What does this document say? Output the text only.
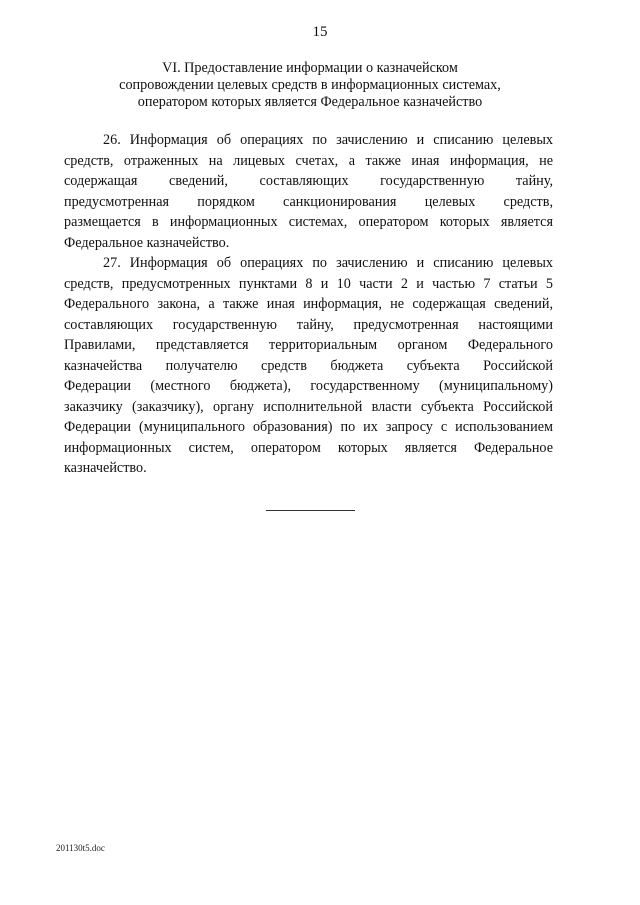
15
VI. Предоставление информации о казначейском
сопровождении целевых средств в информационных системах,
оператором которых является Федеральное казначейство
26. Информация об операциях по зачислению и списанию целевых
средств, отраженных на лицевых счетах, а также иная информация, не
содержащая сведений, составляющих государственную тайну,
предусмотренная порядком санкционирования целевых средств,
размещается в информационных системах, оператором которых является
Федеральное казначейство.
27. Информация об операциях по зачислению и списанию целевых
средств, предусмотренных пунктами 8 и 10 части 2 и частью 7 статьи 5
Федерального закона, а также иная информация, не содержащая сведений,
составляющих государственную тайну, предусмотренная настоящими
Правилами, представляется территориальным органом Федерального
казначейства получателю средств бюджета субъекта Российской
Федерации (местного бюджета), государственному (муниципальному)
заказчику (заказчику), органу исполнительной власти субъекта Российской
Федерации (муниципального образования) по их запросу с использованием
информационных систем, оператором которых является Федеральное
казначейство.
201130t5.doc
